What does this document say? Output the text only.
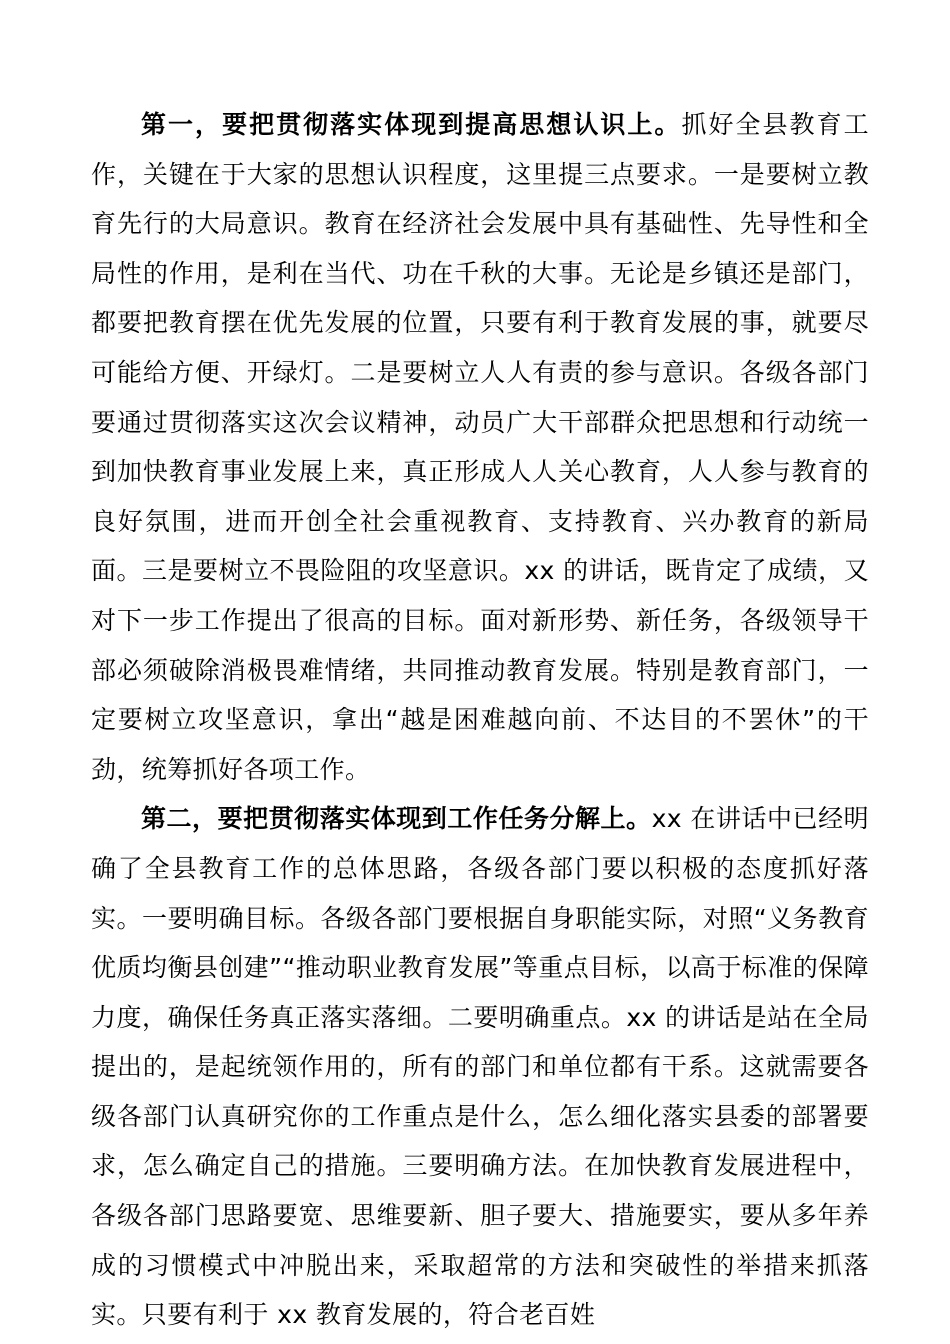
第一，要把贯彻落实体现到提高思想认识上。抓好全县教育工作，关键在于大家的思想认识程度，这里提三点要求。一是要树立教育先行的大局意识。教育在经济社会发展中具有基础性、先导性和全局性的作用，是利在当代、功在千秋的大事。无论是乡镇还是部门，都要把教育摆在优先发展的位置，只要有利于教育发展的事，就要尽可能给方便、开绿灯。二是要树立人人有责的参与意识。各级各部门要通过贯彻落实这次会议精神，动员广大干部群众把思想和行动统一到加快教育事业发展上来，真正形成人人关心教育，人人参与教育的良好氛围，进而开创全社会重视教育、支持教育、兴办教育的新局面。三是要树立不畏险阻的攻坚意识。xx 的讲话，既肯定了成绩，又对下一步工作提出了很高的目标。面对新形势、新任务，各级领导干部必须破除消极畏难情绪，共同推动教育发展。特别是教育部门，一定要树立攻坚意识，拿出“越是困难越向前、不达目的不罢休”的干劲，统筹抓好各项工作。

第二，要把贯彻落实体现到工作任务分解上。xx 在讲话中已经明确了全县教育工作的总体思路，各级各部门要以积极的态度抓好落实。一要明确目标。各级各部门要根据自身职能实际，对照“义务教育优质均衡县创建”“推动职业教育发展”等重点目标，以高于标准的保障力度，确保任务真正落实落细。二要明确重点。xx 的讲话是站在全局提出的，是起统领作用的，所有的部门和单位都有干系。这就需要各级各部门认真研究你的工作重点是什么，怎么细化落实县委的部署要求，怎么确定自己的措施。三要明确方法。在加快教育发展进程中，各级各部门思路要宽、思维要新、胆子要大、措施要实，要从多年养成的习惯模式中冲脱出来，采取超常的方法和突破性的举措来抓落实。只要有利于 xx 教育发展的，符合老百姓
